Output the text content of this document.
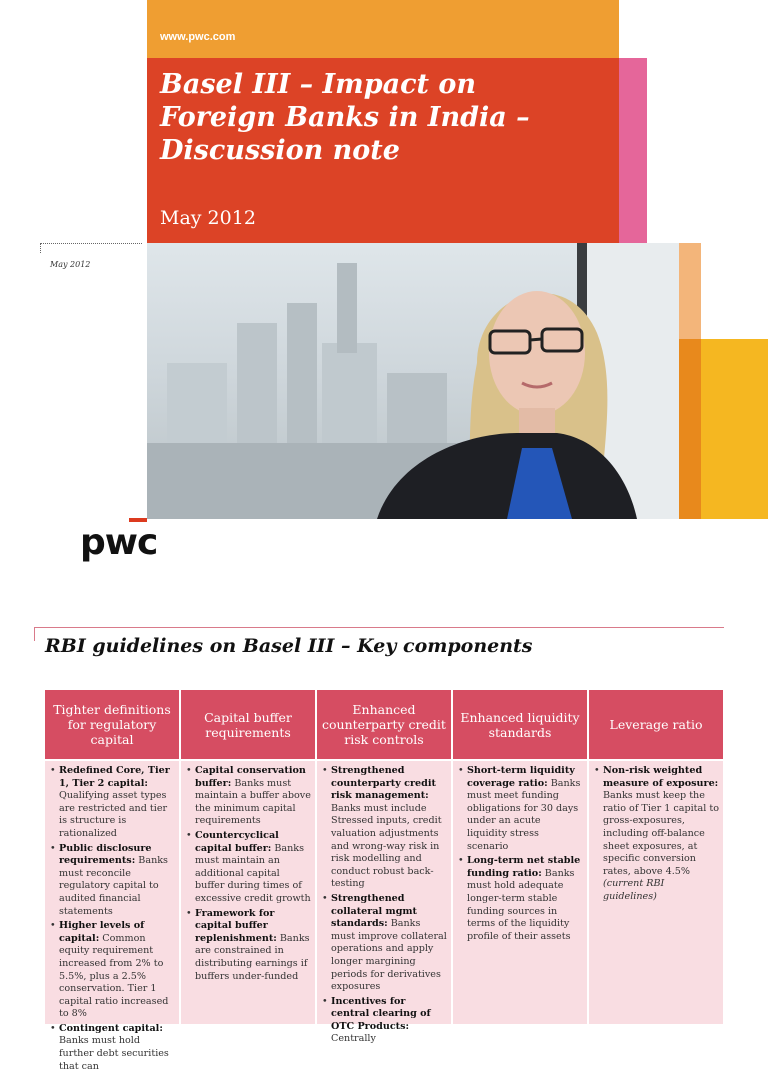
www.pwc.com
Basel III – Impact on Foreign Banks in India – Discussion note
May 2012
May 2012
pwc
RBI guidelines on Basel III – Key components
Tighter definitions for regulatory capital
• Redefined Core, Tier 1, Tier 2 capital: Qualifying asset types are restricted and tier is structure is rationalized
• Public disclosure requirements: Banks must reconcile regulatory capital to audited financial statements
• Higher levels of capital: Common equity requirement increased from 2% to 5.5%, plus a 2.5% conservation. Tier 1 capital ratio increased to 8%
• Contingent capital: Banks must hold further debt securities that can
Capital buffer requirements
• Capital conservation buffer: Banks must maintain a buffer above the minimum capital requirements
• Countercyclical capital buffer: Banks must maintain an additional capital buffer during times of excessive credit growth
• Framework for capital buffer replenishment: Banks are constrained in distributing earnings if buffers under-funded
Enhanced counterparty credit risk controls
• Strengthened counterparty credit risk management: Banks must include Stressed inputs, credit valuation adjustments and wrong-way risk in risk modelling and conduct robust back-testing
• Strengthened collateral mgmt standards: Banks must improve collateral operations and apply longer margining periods for derivatives exposures
• Incentives for central clearing of OTC Products: Centrally
Enhanced liquidity standards
• Short-term liquidity coverage ratio: Banks must meet funding obligations for 30 days under an acute liquidity stress scenario
• Long-term net stable funding ratio: Banks must hold adequate longer-term stable funding sources in terms of the liquidity profile of their assets
Leverage ratio
• Non-risk weighted measure of exposure: Banks must keep the ratio of Tier 1 capital to gross-exposures, including off-balance sheet exposures, at specific conversion rates, above 4.5% (current RBI guidelines)
